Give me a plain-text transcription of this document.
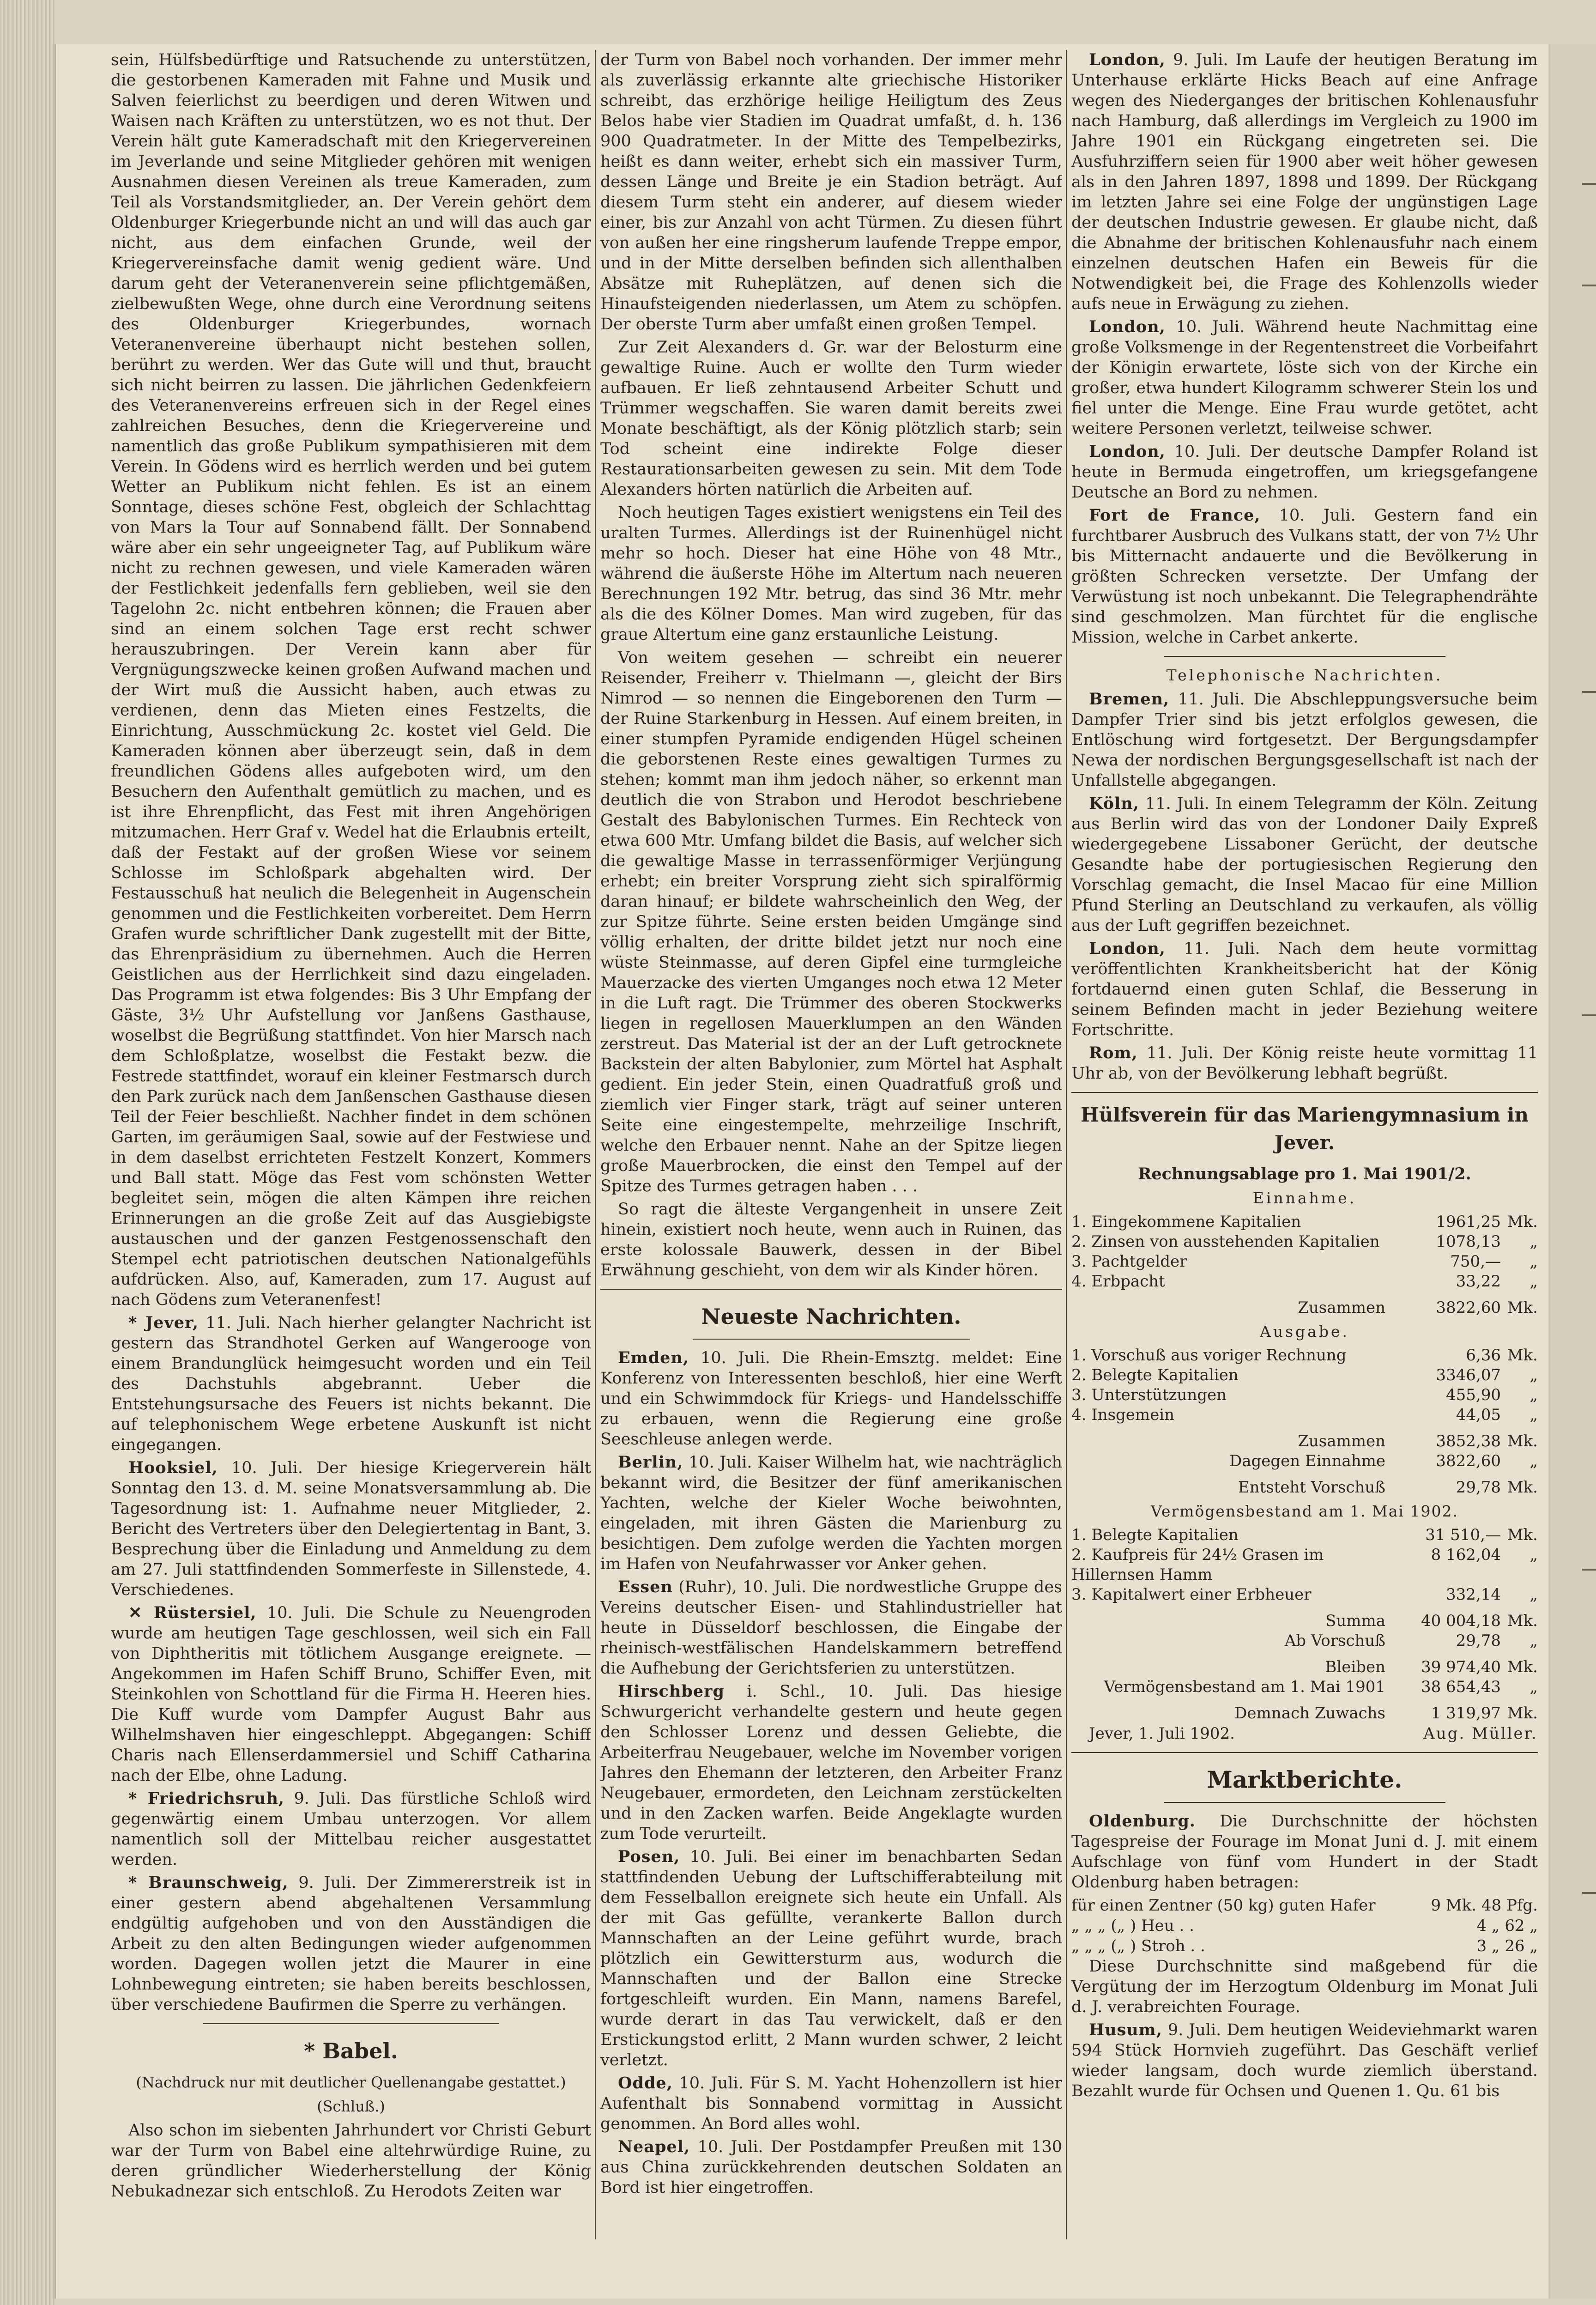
sein, Hülfsbedürftige und Ratsuchende zu unterstützen, die gestorbenen Kameraden mit Fahne und Musik und Salven feierlichst zu beerdigen und deren Witwen und Waisen nach Kräften zu unterstützen, wo es not thut. Der Verein hält gute Kameradschaft mit den Kriegervereinen im Jeverlande und seine Mitglieder gehören mit wenigen Ausnahmen diesen Vereinen als treue Kameraden, zum Teil als Vorstandsmitglieder, an. Der Verein gehört dem Oldenburger Kriegerbunde nicht an und will das auch gar nicht, aus dem einfachen Grunde, weil der Kriegervereinsfache damit wenig gedient wäre. Und darum geht der Veteranenverein seine pflichtgemäßen, zielbewußten Wege, ohne durch eine Verordnung seitens des Oldenburger Kriegerbundes, wornach Veteranenvereine überhaupt nicht bestehen sollen, berührt zu werden. Wer das Gute will und thut, braucht sich nicht beirren zu lassen. Die jährlichen Gedenkfeiern des Veteranenvereins erfreuen sich in der Regel eines zahlreichen Besuches, denn die Kriegervereine und namentlich das große Publikum sympathisieren mit dem Verein. In Gödens wird es herrlich werden und bei gutem Wetter an Publikum nicht fehlen. Es ist an einem Sonntage, dieses schöne Fest, obgleich der Schlachttag von Mars la Tour auf Sonnabend fällt. Der Sonnabend wäre aber ein sehr ungeeigneter Tag, auf Publikum wäre nicht zu rechnen gewesen, und viele Kameraden wären der Festlichkeit jedenfalls fern geblieben, weil sie den Tagelohn 2c. nicht entbehren können; die Frauen aber sind an einem solchen Tage erst recht schwer herauszubringen. Der Verein kann aber für Vergnügungszwecke keinen großen Aufwand machen und der Wirt muß die Aussicht haben, auch etwas zu verdienen, denn das Mieten eines Festzelts, die Einrichtung, Ausschmückung 2c. kostet viel Geld. Die Kameraden können aber überzeugt sein, daß in dem freundlichen Gödens alles aufgeboten wird, um den Besuchern den Aufenthalt gemütlich zu machen, und es ist ihre Ehrenpflicht, das Fest mit ihren Angehörigen mitzumachen. Herr Graf v. Wedel hat die Erlaubnis erteilt, daß der Festakt auf der großen Wiese vor seinem Schlosse im Schloßpark abgehalten wird. Der Festausschuß hat neulich die Belegenheit in Augenschein genommen und die Festlichkeiten vorbereitet. Dem Herrn Grafen wurde schriftlicher Dank zugestellt mit der Bitte, das Ehrenpräsidium zu übernehmen. Auch die Herren Geistlichen aus der Herrlichkeit sind dazu eingeladen. Das Programm ist etwa folgendes: Bis 3 Uhr Empfang der Gäste, 3½ Uhr Aufstellung vor Janßens Gasthause, woselbst die Begrüßung stattfindet. Von hier Marsch nach dem Schloßplatze, woselbst die Festakt bezw. die Festrede stattfindet, worauf ein kleiner Festmarsch durch den Park zurück nach dem Janßenschen Gasthause diesen Teil der Feier beschließt. Nachher findet in dem schönen Garten, im geräumigen Saal, sowie auf der Festwiese und in dem daselbst errichteten Festzelt Konzert, Kommers und Ball statt. Möge das Fest vom schönsten Wetter begleitet sein, mögen die alten Kämpen ihre reichen Erinnerungen an die große Zeit auf das Ausgiebigste austauschen und der ganzen Festgenossenschaft den Stempel echt patriotischen deutschen Nationalgefühls aufdrücken. Also, auf, Kameraden, zum 17. August auf nach Gödens zum Veteranenfest!

* Jever, 11. Juli. Nach hierher gelangter Nachricht ist gestern das Strandhotel Gerken auf Wangerooge von einem Brandunglück heimgesucht worden und ein Teil des Dachstuhls abgebrannt. Ueber die Entstehungsursache des Feuers ist nichts bekannt. Die auf telephonischem Wege erbetene Auskunft ist nicht eingegangen.

Hooksiel, 10. Juli. Der hiesige Kriegerverein hält Sonntag den 13. d. M. seine Monatsversammlung ab. Die Tagesordnung ist: 1. Aufnahme neuer Mitglieder, 2. Bericht des Vertreters über den Delegiertentag in Bant, 3. Besprechung über die Einladung und Anmeldung zu dem am 27. Juli stattfindenden Sommerfeste in Sillenstede, 4. Verschiedenes.

✕ Rüstersiel, 10. Juli. Die Schule zu Neuengroden wurde am heutigen Tage geschlossen, weil sich ein Fall von Diphtheritis mit tötlichem Ausgange ereignete. — Angekommen im Hafen Schiff Bruno, Schiffer Even, mit Steinkohlen von Schottland für die Firma H. Heeren hies. Die Kuff wurde vom Dampfer August Bahr aus Wilhelmshaven hier eingeschleppt. Abgegangen: Schiff Charis nach Ellenserdammersiel und Schiff Catharina nach der Elbe, ohne Ladung.

* Friedrichsruh, 9. Juli. Das fürstliche Schloß wird gegenwärtig einem Umbau unterzogen. Vor allem namentlich soll der Mittelbau reicher ausgestattet werden.

* Braunschweig, 9. Juli. Der Zimmererstreik ist in einer gestern abend abgehaltenen Versammlung endgültig aufgehoben und von den Ausständigen die Arbeit zu den alten Bedingungen wieder aufgenommen worden. Dagegen wollen jetzt die Maurer in eine Lohnbewegung eintreten; sie haben bereits beschlossen, über verschiedene Baufirmen die Sperre zu verhängen.

* Babel.
(Nachdruck nur mit deutlicher Quellenangabe gestattet.)
(Schluß.)

Also schon im siebenten Jahrhundert vor Christi Geburt war der Turm von Babel eine altehrwürdige Ruine, zu deren gründlicher Wiederherstellung der König Nebukadnezar sich entschloß. Zu Herodots Zeiten war

der Turm von Babel noch vorhanden. Der immer mehr als zuverlässig erkannte alte griechische Historiker schreibt, das erzhörige heilige Heiligtum des Zeus Belos habe vier Stadien im Quadrat umfaßt, d. h. 136 900 Quadratmeter. In der Mitte des Tempelbezirks, heißt es dann weiter, erhebt sich ein massiver Turm, dessen Länge und Breite je ein Stadion beträgt. Auf diesem Turm steht ein anderer, auf diesem wieder einer, bis zur Anzahl von acht Türmen. Zu diesen führt von außen her eine ringsherum laufende Treppe empor, und in der Mitte derselben befinden sich allenthalben Absätze mit Ruheplätzen, auf denen sich die Hinaufsteigenden niederlassen, um Atem zu schöpfen. Der oberste Turm aber umfaßt einen großen Tempel.

Zur Zeit Alexanders d. Gr. war der Belosturm eine gewaltige Ruine. Auch er wollte den Turm wieder aufbauen. Er ließ zehntausend Arbeiter Schutt und Trümmer wegschaffen. Sie waren damit bereits zwei Monate beschäftigt, als der König plötzlich starb; sein Tod scheint eine indirekte Folge dieser Restaurationsarbeiten gewesen zu sein. Mit dem Tode Alexanders hörten natürlich die Arbeiten auf.

Noch heutigen Tages existiert wenigstens ein Teil des uralten Turmes. Allerdings ist der Ruinenhügel nicht mehr so hoch. Dieser hat eine Höhe von 48 Mtr., während die äußerste Höhe im Altertum nach neueren Berechnungen 192 Mtr. betrug, das sind 36 Mtr. mehr als die des Kölner Domes. Man wird zugeben, für das graue Altertum eine ganz erstaunliche Leistung.

Von weitem gesehen — schreibt ein neuerer Reisender, Freiherr v. Thielmann —, gleicht der Birs Nimrod — so nennen die Eingeborenen den Turm — der Ruine Starkenburg in Hessen. Auf einem breiten, in einer stumpfen Pyramide endigenden Hügel scheinen die geborstenen Reste eines gewaltigen Turmes zu stehen; kommt man ihm jedoch näher, so erkennt man deutlich die von Strabon und Herodot beschriebene Gestalt des Babylonischen Turmes. Ein Rechteck von etwa 600 Mtr. Umfang bildet die Basis, auf welcher sich die gewaltige Masse in terrassenförmiger Verjüngung erhebt; ein breiter Vorsprung zieht sich spiralförmig daran hinauf; er bildete wahrscheinlich den Weg, der zur Spitze führte. Seine ersten beiden Umgänge sind völlig erhalten, der dritte bildet jetzt nur noch eine wüste Steinmasse, auf deren Gipfel eine turmgleiche Mauerzacke des vierten Umganges noch etwa 12 Meter in die Luft ragt. Die Trümmer des oberen Stockwerks liegen in regellosen Mauerklumpen an den Wänden zerstreut. Das Material ist der an der Luft getrocknete Backstein der alten Babylonier, zum Mörtel hat Asphalt gedient. Ein jeder Stein, einen Quadratfuß groß und ziemlich vier Finger stark, trägt auf seiner unteren Seite eine eingestempelte, mehrzeilige Inschrift, welche den Erbauer nennt. Nahe an der Spitze liegen große Mauerbrocken, die einst den Tempel auf der Spitze des Turmes getragen haben . . .

So ragt die älteste Vergangenheit in unsere Zeit hinein, existiert noch heute, wenn auch in Ruinen, das erste kolossale Bauwerk, dessen in der Bibel Erwähnung geschieht, von dem wir als Kinder hören.

Neueste Nachrichten.

Emden, 10. Juli. Die Rhein-Emsztg. meldet: Eine Konferenz von Interessenten beschloß, hier eine Werft und ein Schwimmdock für Kriegs- und Handelsschiffe zu erbauen, wenn die Regierung eine große Seeschleuse anlegen werde.

Berlin, 10. Juli. Kaiser Wilhelm hat, wie nachträglich bekannt wird, die Besitzer der fünf amerikanischen Yachten, welche der Kieler Woche beiwohnten, eingeladen, mit ihren Gästen die Marienburg zu besichtigen. Dem zufolge werden die Yachten morgen im Hafen von Neufahrwasser vor Anker gehen.

Essen (Ruhr), 10. Juli. Die nordwestliche Gruppe des Vereins deutscher Eisen- und Stahlindustrieller hat heute in Düsseldorf beschlossen, die Eingabe der rheinisch-westfälischen Handelskammern betreffend die Aufhebung der Gerichtsferien zu unterstützen.

Hirschberg i. Schl., 10. Juli. Das hiesige Schwurgericht verhandelte gestern und heute gegen den Schlosser Lorenz und dessen Geliebte, die Arbeiterfrau Neugebauer, welche im November vorigen Jahres den Ehemann der letzteren, den Arbeiter Franz Neugebauer, ermordeten, den Leichnam zerstückelten und in den Zacken warfen. Beide Angeklagte wurden zum Tode verurteilt.

Posen, 10. Juli. Bei einer im benachbarten Sedan stattfindenden Uebung der Luftschifferabteilung mit dem Fesselballon ereignete sich heute ein Unfall. Als der mit Gas gefüllte, verankerte Ballon durch Mannschaften an der Leine geführt wurde, brach plötzlich ein Gewittersturm aus, wodurch die Mannschaften und der Ballon eine Strecke fortgeschleift wurden. Ein Mann, namens Barefel, wurde derart in das Tau verwickelt, daß er den Erstickungstod erlitt, 2 Mann wurden schwer, 2 leicht verletzt.

Odde, 10. Juli. Für S. M. Yacht Hohenzollern ist hier Aufenthalt bis Sonnabend vormittag in Aussicht genommen. An Bord alles wohl.

Neapel, 10. Juli. Der Postdampfer Preußen mit 130 aus China zurückkehrenden deutschen Soldaten an Bord ist hier eingetroffen.

London, 9. Juli. Im Laufe der heutigen Beratung im Unterhause erklärte Hicks Beach auf eine Anfrage wegen des Niederganges der britischen Kohlenausfuhr nach Hamburg, daß allerdings im Vergleich zu 1900 im Jahre 1901 ein Rückgang eingetreten sei. Die Ausfuhrziffern seien für 1900 aber weit höher gewesen als in den Jahren 1897, 1898 und 1899. Der Rückgang im letzten Jahre sei eine Folge der ungünstigen Lage der deutschen Industrie gewesen. Er glaube nicht, daß die Abnahme der britischen Kohlenausfuhr nach einem einzelnen deutschen Hafen ein Beweis für die Notwendigkeit bei, die Frage des Kohlenzolls wieder aufs neue in Erwägung zu ziehen.

London, 10. Juli. Während heute Nachmittag eine große Volksmenge in der Regentenstreet die Vorbeifahrt der Königin erwartete, löste sich von der Kirche ein großer, etwa hundert Kilogramm schwerer Stein los und fiel unter die Menge. Eine Frau wurde getötet, acht weitere Personen verletzt, teilweise schwer.

London, 10. Juli. Der deutsche Dampfer Roland ist heute in Bermuda eingetroffen, um kriegsgefangene Deutsche an Bord zu nehmen.

Fort de France, 10. Juli. Gestern fand ein furchtbarer Ausbruch des Vulkans statt, der von 7½ Uhr bis Mitternacht andauerte und die Bevölkerung in größten Schrecken versetzte. Der Umfang der Verwüstung ist noch unbekannt. Die Telegraphendrähte sind geschmolzen. Man fürchtet für die englische Mission, welche in Carbet ankerte.

Telephonische Nachrichten.

Bremen, 11. Juli. Die Abschleppungsversuche beim Dampfer Trier sind bis jetzt erfolglos gewesen, die Entlöschung wird fortgesetzt. Der Bergungsdampfer Newa der nordischen Bergungsgesellschaft ist nach der Unfallstelle abgegangen.

Köln, 11. Juli. In einem Telegramm der Köln. Zeitung aus Berlin wird das von der Londoner Daily Expreß wiedergegebene Lissaboner Gerücht, der deutsche Gesandte habe der portugiesischen Regierung den Vorschlag gemacht, die Insel Macao für eine Million Pfund Sterling an Deutschland zu verkaufen, als völlig aus der Luft gegriffen bezeichnet.

London, 11. Juli. Nach dem heute vormittag veröffentlichten Krankheitsbericht hat der König fortdauernd einen guten Schlaf, die Besserung in seinem Befinden macht in jeder Beziehung weitere Fortschritte.

Rom, 11. Juli. Der König reiste heute vormittag 11 Uhr ab, von der Bevölkerung lebhaft begrüßt.

Hülfsverein für das Mariengymnasium in Jever.

Rechnungsablage pro 1. Mai 1901/2.

Einnahme.

1. Eingekommene Kapitalien	1961,25	Mk.
2. Zinsen von ausstehenden Kapitalien	1078,13	„
3. Pachtgelder	750,—	„
4. Erbpacht	33,22	„
Zusammen	3822,60	Mk.

Ausgabe.

1. Vorschuß aus voriger Rechnung	6,36	Mk.
2. Belegte Kapitalien	3346,07	„
3. Unterstützungen	455,90	„
4. Insgemein	44,05	„
Zusammen	3852,38	Mk.
Dagegen Einnahme	3822,60	„
Entsteht Vorschuß	29,78	Mk.

Vermögensbestand am 1. Mai 1902.

1. Belegte Kapitalien	31 510,—	Mk.
2. Kaufpreis für 24½ Grasen im Hillernsen Hamm	8 162,04	„
3. Kapitalwert einer Erbheuer	332,14	„
Summa	40 004,18	Mk.
Ab Vorschuß	29,78	„
Bleiben	39 974,40	Mk.
Vermögensbestand am 1. Mai 1901	38 654,43	„
Demnach Zuwachs	1 319,97	Mk.
Jever, 1. Juli 1902.	Aug. Müller.
Marktberichte.

Oldenburg. Die Durchschnitte der höchsten Tagespreise der Fourage im Monat Juni d. J. mit einem Aufschlage von fünf vom Hundert in der Stadt Oldenburg haben betragen:

für einen Zentner (50 kg) guten Hafer	9 Mk. 48 Pfg.
„ „ „ („ ) Heu . .	4 „ 62 „
„ „ „ („ ) Stroh . .	3 „ 26 „

Diese Durchschnitte sind maßgebend für die Vergütung der im Herzogtum Oldenburg im Monat Juli d. J. verabreichten Fourage.

Husum, 9. Juli. Dem heutigen Weideviehmarkt waren 594 Stück Hornvieh zugeführt. Das Geschäft verlief wieder langsam, doch wurde ziemlich überstand. Bezahlt wurde für Ochsen und Quenen 1. Qu. 61 bis
